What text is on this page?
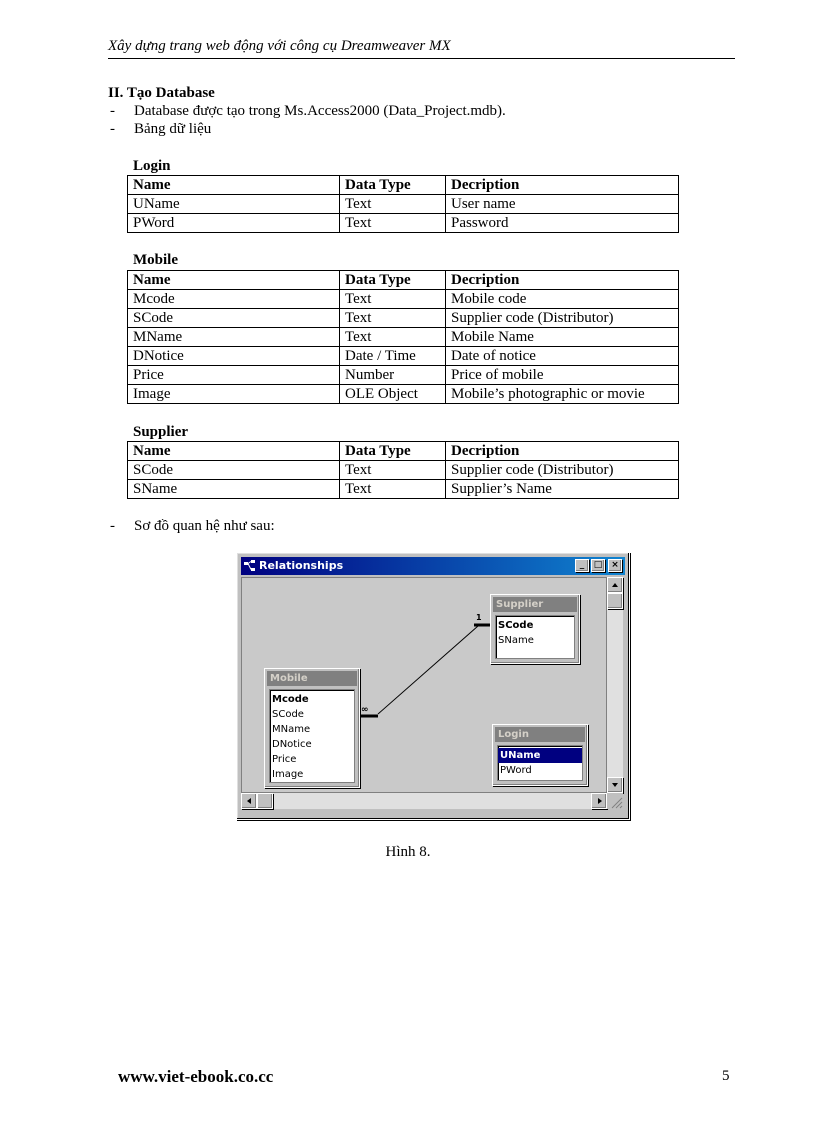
Xây dựng trang web động với công cụ Dreamweaver MX
II. Tạo Database
- Database được tạo trong Ms.Access2000 (Data_Project.mdb).
- Bảng dữ liệu
Login
Name	Data Type	Decription
UName	Text	User name
PWord	Text	Password
Mobile
Name	Data Type	Decription
Mcode	Text	Mobile code
SCode	Text	Supplier code (Distributor)
MName	Text	Mobile Name
DNotice	Date / Time	Date of notice
Price	Number	Price of mobile
Image	OLE Object	Mobile’s photographic or movie
Supplier
Name	Data Type	Decription
SCode	Text	Supplier code (Distributor)
SName	Text	Supplier’s Name
- Sơ đồ quan hệ như sau:
Relationships	_	□ ×
1
∞
Supplier
SCode
SName
Mobile
Mcode
SCode
MName
DNotice
Price
Image
Login
UName
PWord
Hình 8.
www.viet-ebook.co.cc	5
